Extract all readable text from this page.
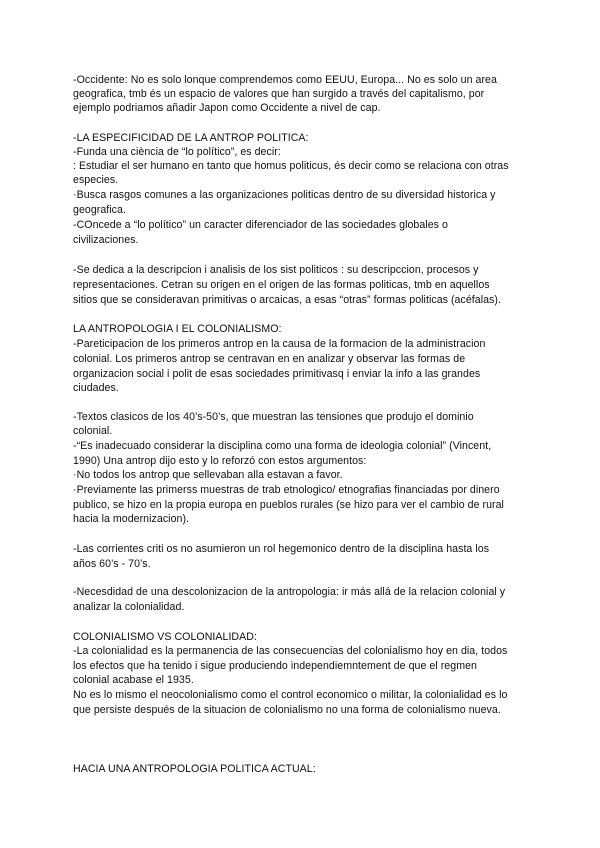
-Occidente: No es solo lonque comprendemos como EEUU, Europa... No es solo un area

geografica, tmb és un espacio de valores que han surgido a través del capitalismo, por

ejemplo podriamos añadir Japon como Occidente a nivel de cap.

-LA ESPECIFICIDAD DE LA ANTROP POLITICA:

-Funda una ciència de “lo político”, es decir:

: Estudiar el ser humano en tanto que homus politicus, és decir como se relaciona con otras

especies.

·Busca rasgos comunes a las organizaciones politicas dentro de su diversidad historica y

geografica.

-COncede a “lo político” un caracter diferenciador de las sociedades globales o

civilizaciones.

-Se dedica a la descripcion i analisis de los sist politicos : su descripccion, procesos y

representaciones. Cetran su origen en el origen de las formas politicas, tmb en aquellos

sitios que se consideravan primitivas o arcaicas, a esas “otras” formas politicas (acéfalas).

LA ANTROPOLOGIA I EL COLONIALISMO:

-Pareticipacion de los primeros antrop en la causa de la formacion de la administracion

colonial. Los primeros antrop se centravan en en analizar y observar las formas de

organizacion social i polit de esas sociedades primitivasq i enviar la info a las grandes

ciudades.

-Textos clasicos de los 40’s-50’s, que muestran las tensiones que produjo el dominio

colonial.

-“Es inadecuado considerar la disciplina como una forma de ideologia colonial” (Vincent,

1990) Una antrop dijo esto y lo reforzó con estos argumentos:

·No todos los antrop que sellevaban alla estavan a favor.

·Previamente las primerss muestras de trab etnologico/ etnografias financiadas por dinero

publico, se hizo en la propia europa en pueblos rurales (se hizo para ver el cambio de rural

hacia la modernizacion).

-Las corrientes criti os no asumieron un rol hegemonico dentro de la disciplina hasta los

años 60’s - 70’s.

-Necesdidad de una descolonizacion de la antropologia: ir más allá de la relacion colonial y

analizar la colonialidad.

COLONIALISMO VS COLONIALIDAD:

-La colonialidad es la permanencia de las consecuencias del colonialismo hoy en dia, todos

los efectos que ha tenido i sigue produciendo independiemntement de que el regmen

colonial acabase el 1935.

No es lo mismo el neocolonialismo como el control economico o militar, la colonialidad es lo

que persiste después de la situacion de colonialismo no una forma de colonialismo nueva.

HACIA UNA ANTROPOLOGIA POLITICA ACTUAL:
